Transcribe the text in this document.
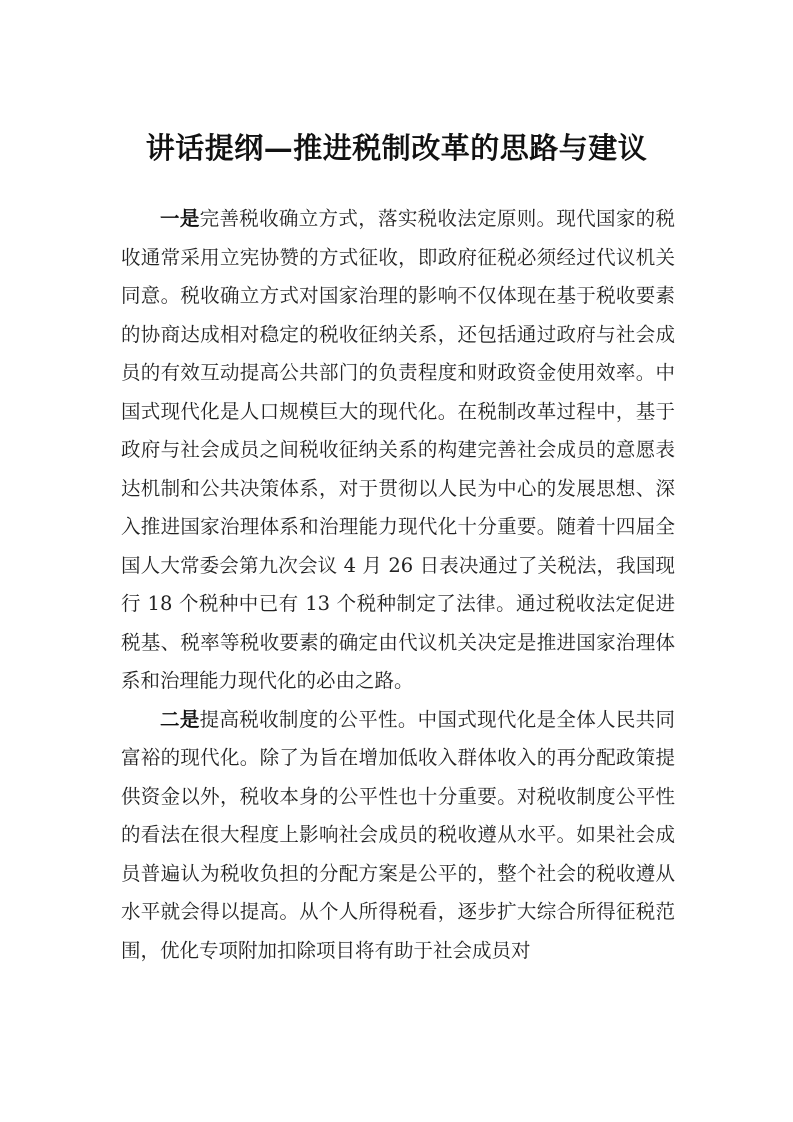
讲话提纲—推进税制改革的思路与建议

一是完善税收确立方式，落实税收法定原则。现代国家的税收通常采用立宪协赞的方式征收，即政府征税必须经过代议机关同意。税收确立方式对国家治理的影响不仅体现在基于税收要素的协商达成相对稳定的税收征纳关系，还包括通过政府与社会成员的有效互动提高公共部门的负责程度和财政资金使用效率。中国式现代化是人口规模巨大的现代化。在税制改革过程中，基于政府与社会成员之间税收征纳关系的构建完善社会成员的意愿表达机制和公共决策体系，对于贯彻以人民为中心的发展思想、深入推进国家治理体系和治理能力现代化十分重要。随着十四届全国人大常委会第九次会议 4 月 26 日表决通过了关税法，我国现行 18 个税种中已有 13 个税种制定了法律。通过税收法定促进税基、税率等税收要素的确定由代议机关决定是推进国家治理体系和治理能力现代化的必由之路。

二是提高税收制度的公平性。中国式现代化是全体人民共同富裕的现代化。除了为旨在增加低收入群体收入的再分配政策提供资金以外，税收本身的公平性也十分重要。对税收制度公平性的看法在很大程度上影响社会成员的税收遵从水平。如果社会成员普遍认为税收负担的分配方案是公平的，整个社会的税收遵从水平就会得以提高。从个人所得税看，逐步扩大综合所得征税范围，优化专项附加扣除项目将有助于社会成员对
